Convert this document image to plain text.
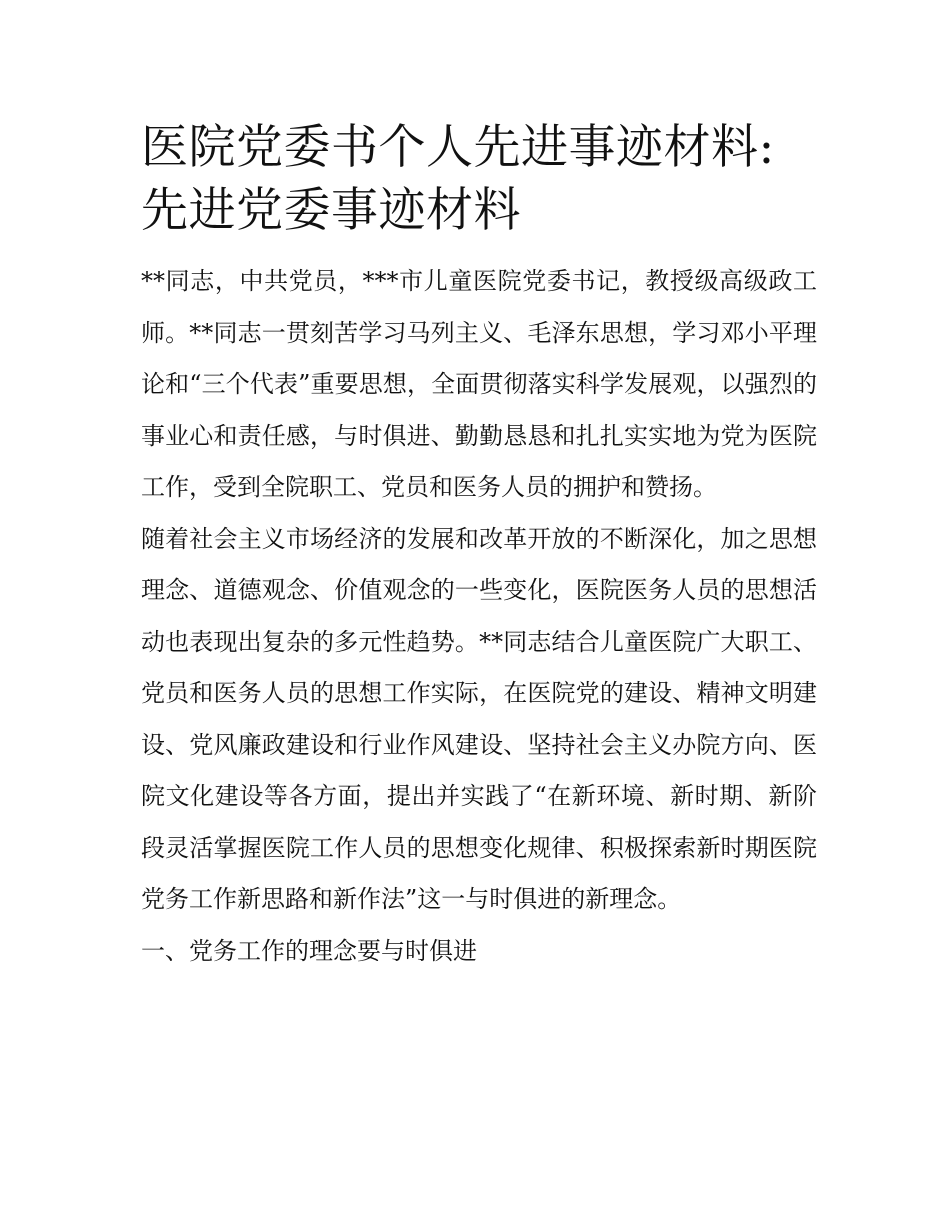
医院党委书个人先进事迹材料:先进党委事迹材料

**同志，中共党员，***市儿童医院党委书记，教授级高级政工师。**同志一贯刻苦学习马列主义、毛泽东思想，学习邓小平理论和“三个代表”重要思想，全面贯彻落实科学发展观，以强烈的事业心和责任感，与时俱进、勤勤恳恳和扎扎实实地为党为医院工作，受到全院职工、党员和医务人员的拥护和赞扬。

随着社会主义市场经济的发展和改革开放的不断深化，加之思想理念、道德观念、价值观念的一些变化，医院医务人员的思想活动也表现出复杂的多元性趋势。**同志结合儿童医院广大职工、党员和医务人员的思想工作实际，在医院党的建设、精神文明建设、党风廉政建设和行业作风建设、坚持社会主义办院方向、医院文化建设等各方面，提出并实践了“在新环境、新时期、新阶段灵活掌握医院工作人员的思想变化规律、积极探索新时期医院党务工作新思路和新作法”这一与时俱进的新理念。

一、党务工作的理念要与时俱进
